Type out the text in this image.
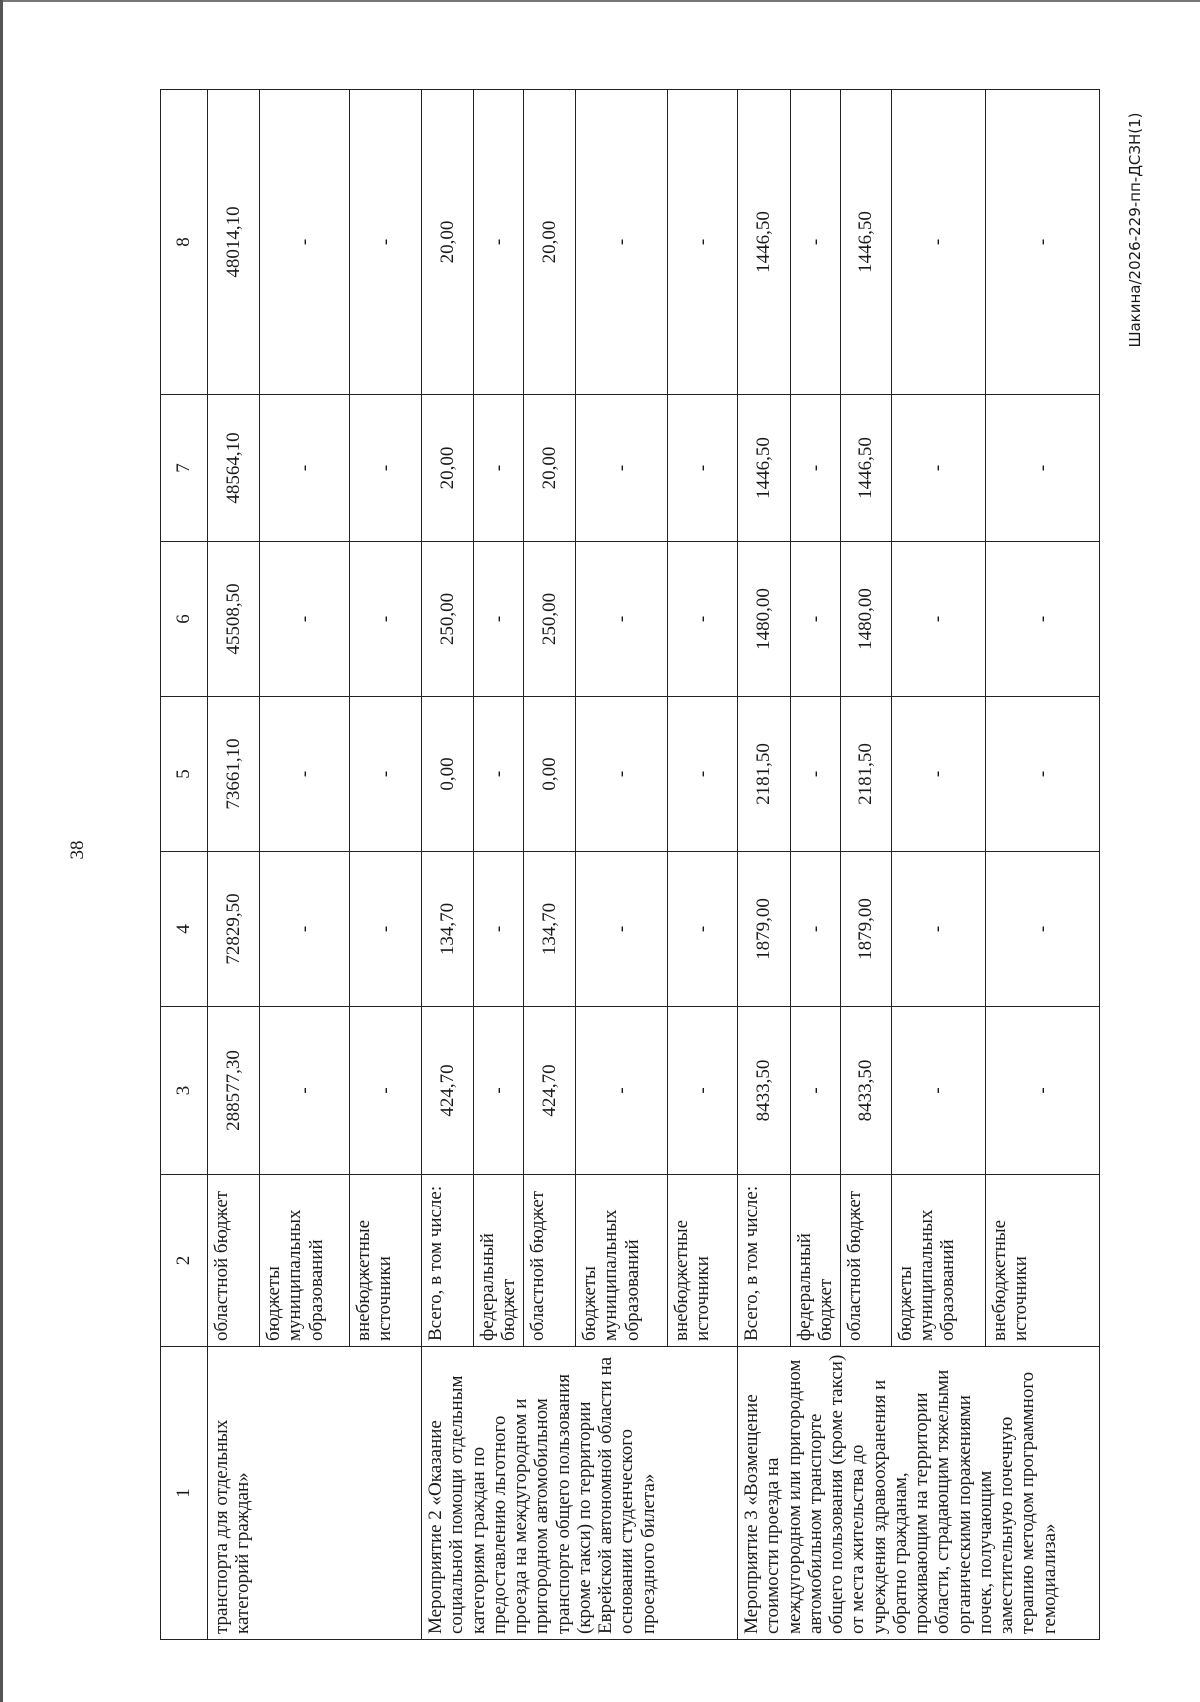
38
Шакина/2026-229-пп-ДСЗН(1)
1	2	3	4	5	6	7	8
транспорта для отдельных категорий граждан»	областной бюджет	288577,30	72829,50	73661,10	45508,50	48564,10	48014,10
	бюджеты муниципальных образований	-	-	-	-	-	-
	внебюджетные источники	-	-	-	-	-	-
Мероприятие 2 «Оказание социальной помощи отдельным категориям граждан по предоставлению льготного проезда на междугородном и пригородном автомобильном транспорте общего пользования (кроме такси) по территории Еврейской автономной области на основании студенческого проездного билета»	Всего, в том числе:	424,70	134,70	0,00	250,00	20,00	20,00
	федеральный бюджет	-	-	-	-	-	-
	областной бюджет	424,70	134,70	0,00	250,00	20,00	20,00
	бюджеты муниципальных образований	-	-	-	-	-	-
	внебюджетные источники	-	-	-	-	-	-
Мероприятие 3 «Возмещение стоимости проезда на междугородном или пригородном автомобильном транспорте общего пользования (кроме такси) от места жительства до учреждения здравоохранения и обратно гражданам, проживающим на территории области, страдающим тяжелыми органическими поражениями почек, получающим заместительную почечную терапию методом программного гемодиализа»	Всего, в том числе:	8433,50	1879,00	2181,50	1480,00	1446,50	1446,50
	федеральный бюджет	-	-	-	-	-	-
	областной бюджет	8433,50	1879,00	2181,50	1480,00	1446,50	1446,50
	бюджеты муниципальных образований	-	-	-	-	-	-
	внебюджетные источники	-	-	-	-	-	-
